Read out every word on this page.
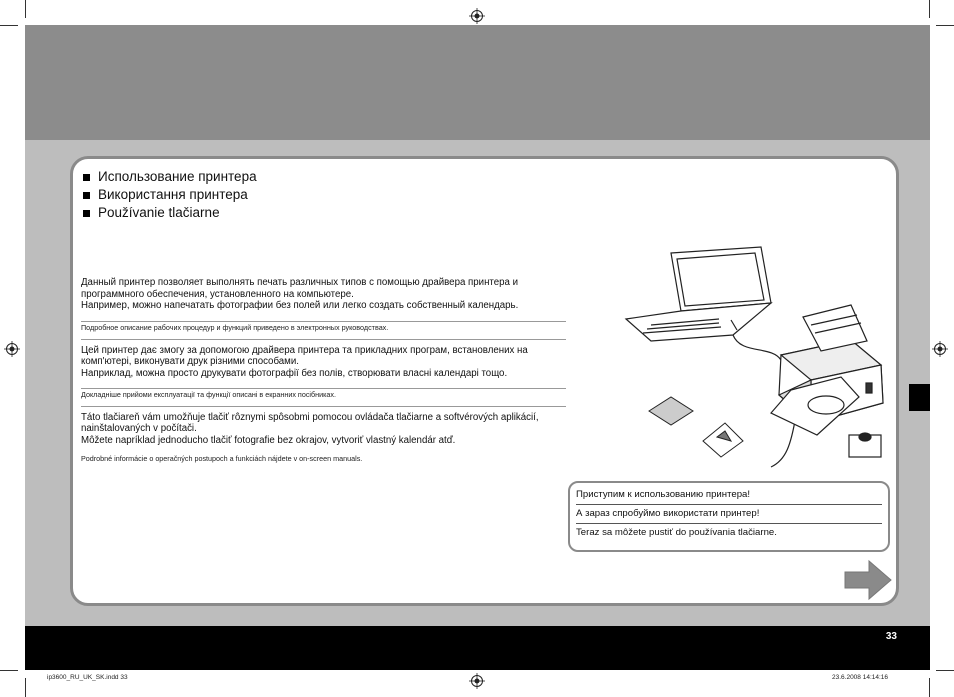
33
Использование принтера
Використання принтера
Používanie tlačiarne

Данный принтер позволяет выполнять печать различных типов с помощью драйвера принтера и программного обеспечения, установленного на компьютере.
Например, можно напечатать фотографии без полей или легко создать собственный календарь.

Подробное описание рабочих процедур и функций приведено в электронных руководствах.

Цей принтер дає змогу за допомогою драйвера принтера та прикладних програм, встановлених на комп'ютері, виконувати друк різними способами.
Наприклад, можна просто друкувати фотографії без полів, створювати власні календарі тощо.

Докладніше прийоми експлуатації та функції описані в екранних посібниках.

Táto tlačiareň vám umožňuje tlačiť rôznymi spôsobmi pomocou ovládača tlačiarne a softvérových aplikácií, nainštalovaných v počítači.
Môžete napríklad jednoducho tlačiť fotografie bez okrajov, vytvoriť vlastný kalendár atď.

Podrobné informácie o operačných postupoch a funkciách nájdete v on-screen manuals.

Приступим к использованию принтера!
А зараз спробуймо використати принтер!
Teraz sa môžete pustiť do používania tlačiarne.
ip3600_RU_UK_SK.indd 33	23.6.2008 14:14:16
